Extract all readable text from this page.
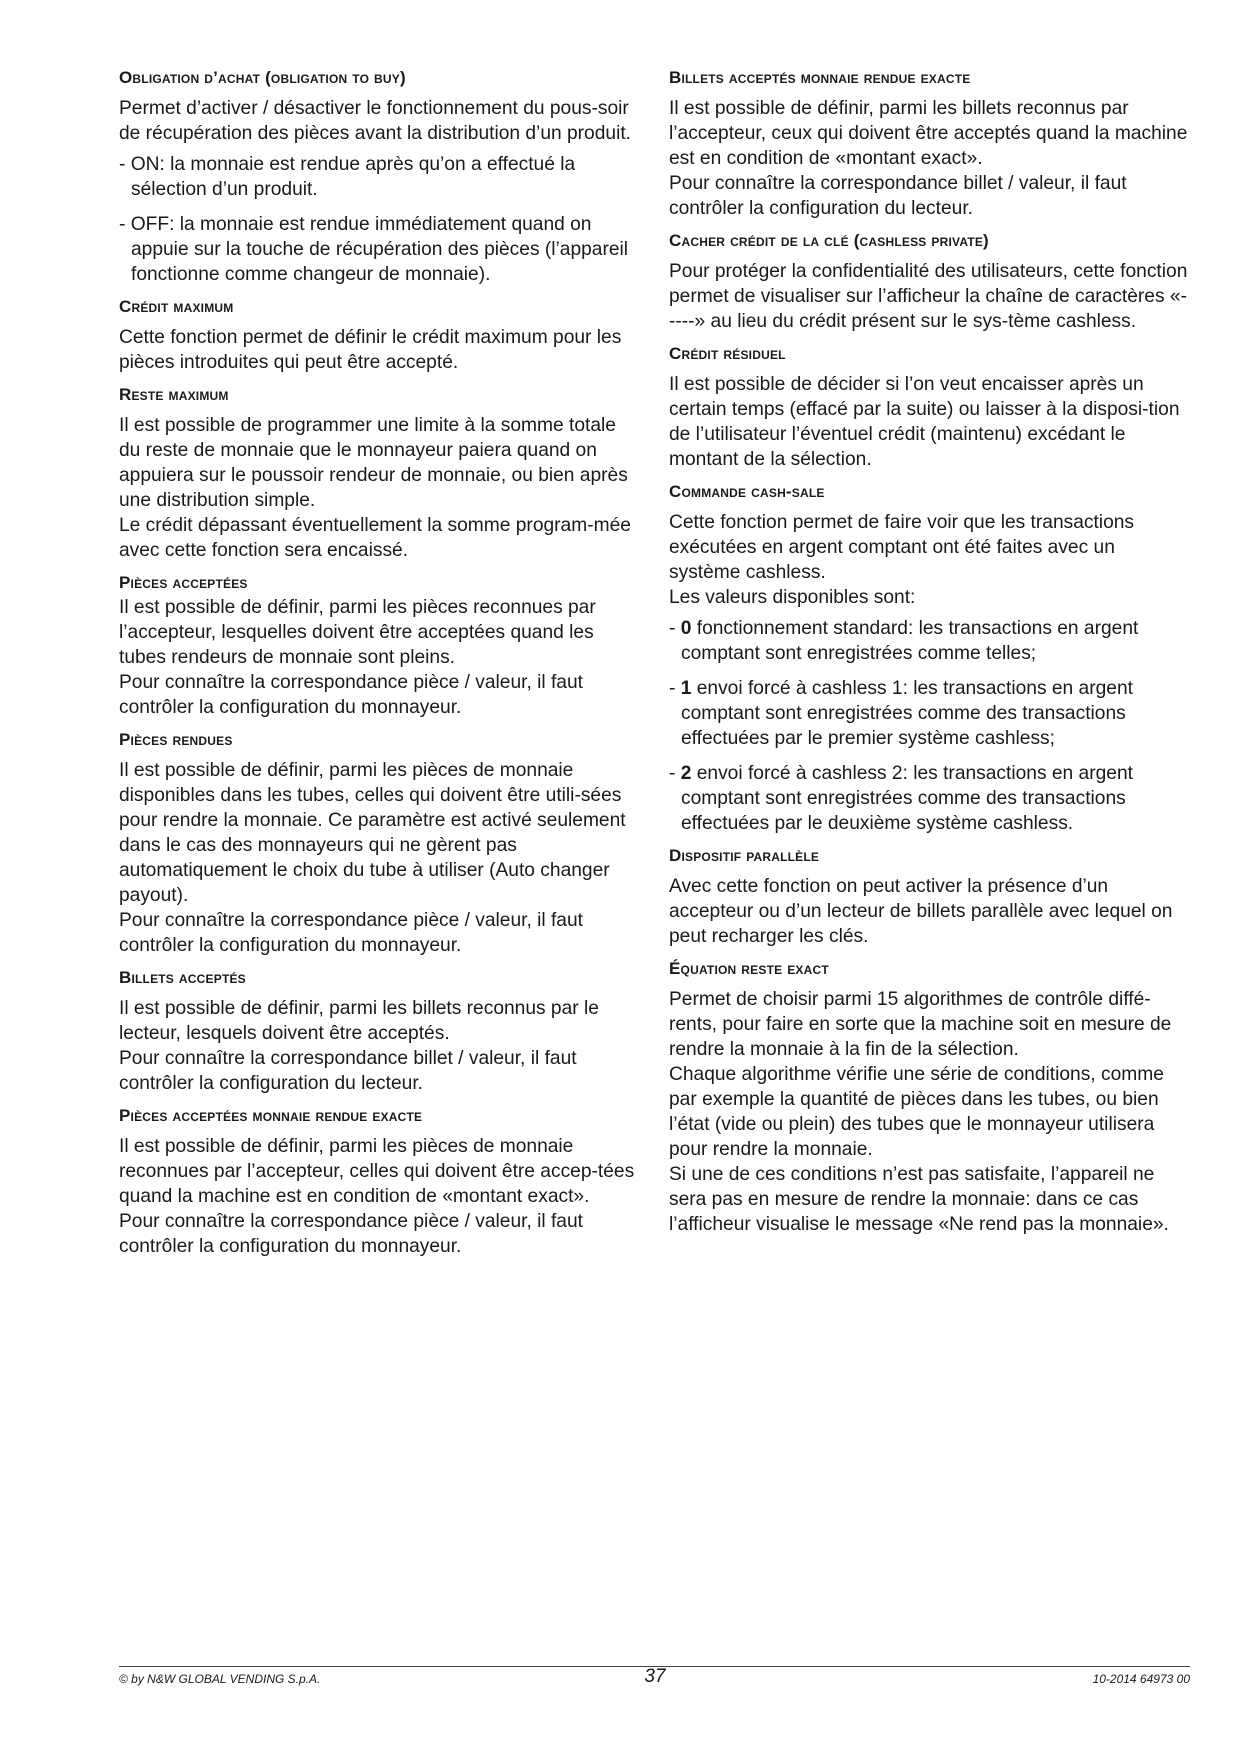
Obligation d’achat (obligation to buy)

Permet d’activer / désactiver le fonctionnement du pous-soir de récupération des pièces avant la distribution d’un produit.

- ON: la monnaie est rendue après qu’on a effectué la sélection d’un produit.

- OFF: la monnaie est rendue immédiatement quand on appuie sur la touche de récupération des pièces (l’appareil fonctionne comme changeur de monnaie).

Crédit maximum

Cette fonction permet de définir le crédit maximum pour les pièces introduites qui peut être accepté.

Reste maximum

Il est possible de programmer une limite à la somme totale du reste de monnaie que le monnayeur paiera quand on appuiera sur le poussoir rendeur de monnaie, ou bien après une distribution simple.
Le crédit dépassant éventuellement la somme program-mée avec cette fonction sera encaissé.

Pièces acceptées

Il est possible de définir, parmi les pièces reconnues par l’accepteur, lesquelles doivent être acceptées quand les tubes rendeurs de monnaie sont pleins.
Pour connaître la correspondance pièce / valeur, il faut contrôler la configuration du monnayeur.

Pièces rendues

Il est possible de définir, parmi les pièces de monnaie disponibles dans les tubes, celles qui doivent être utili-sées pour rendre la monnaie. Ce paramètre est activé seulement dans le cas des monnayeurs qui ne gèrent pas automatiquement le choix du tube à utiliser (Auto changer payout).
Pour connaître la correspondance pièce / valeur, il faut contrôler la configuration du monnayeur.

Billets acceptés

Il est possible de définir, parmi les billets reconnus par le lecteur, lesquels doivent être acceptés.
Pour connaître la correspondance billet / valeur, il faut contrôler la configuration du lecteur.

Pièces acceptées monnaie rendue exacte

Il est possible de définir, parmi les pièces de monnaie reconnues par l’accepteur, celles qui doivent être accep-tées quand la machine est en condition de «montant exact».
Pour connaître la correspondance pièce / valeur, il faut contrôler la configuration du monnayeur.

Billets acceptés monnaie rendue exacte

Il est possible de définir, parmi les billets reconnus par l’accepteur, ceux qui doivent être acceptés quand la machine est en condition de «montant exact».
Pour connaître la correspondance billet / valeur, il faut contrôler la configuration du lecteur.

Cacher crédit de la clé (cashless private)

Pour protéger la confidentialité des utilisateurs, cette fonction permet de visualiser sur l’afficheur la chaîne de caractères «-----» au lieu du crédit présent sur le sys-tème cashless.

Crédit résiduel

Il est possible de décider si l’on veut encaisser après un certain temps (effacé par la suite) ou laisser à la disposi-tion de l’utilisateur l’éventuel crédit (maintenu) excédant le montant de la sélection.

Commande cash-sale

Cette fonction permet de faire voir que les transactions exécutées en argent comptant ont été faites avec un système cashless.
Les valeurs disponibles sont:

- 0 fonctionnement standard: les transactions en argent comptant sont enregistrées comme telles;

- 1 envoi forcé à cashless 1: les transactions en argent comptant sont enregistrées comme des transactions effectuées par le premier système cashless;

- 2 envoi forcé à cashless 2: les transactions en argent comptant sont enregistrées comme des transactions effectuées par le deuxième système cashless.

Dispositif parallèle

Avec cette fonction on peut activer la présence d’un accepteur ou d’un lecteur de billets parallèle avec lequel on peut recharger les clés.

Équation reste exact

Permet de choisir parmi 15 algorithmes de contrôle diffé-rents, pour faire en sorte que la machine soit en mesure de rendre la monnaie à la fin de la sélection.
Chaque algorithme vérifie une série de conditions, comme par exemple la quantité de pièces dans les tubes, ou bien l’état (vide ou plein) des tubes que le monnayeur utilisera pour rendre la monnaie.
Si une de ces conditions n’est pas satisfaite, l’appareil ne sera pas en mesure de rendre la monnaie: dans ce cas l’afficheur visualise le message «Ne rend pas la monnaie».

© by N&W GLOBAL VENDING S.p.A.	37	10-2014 64973 00
